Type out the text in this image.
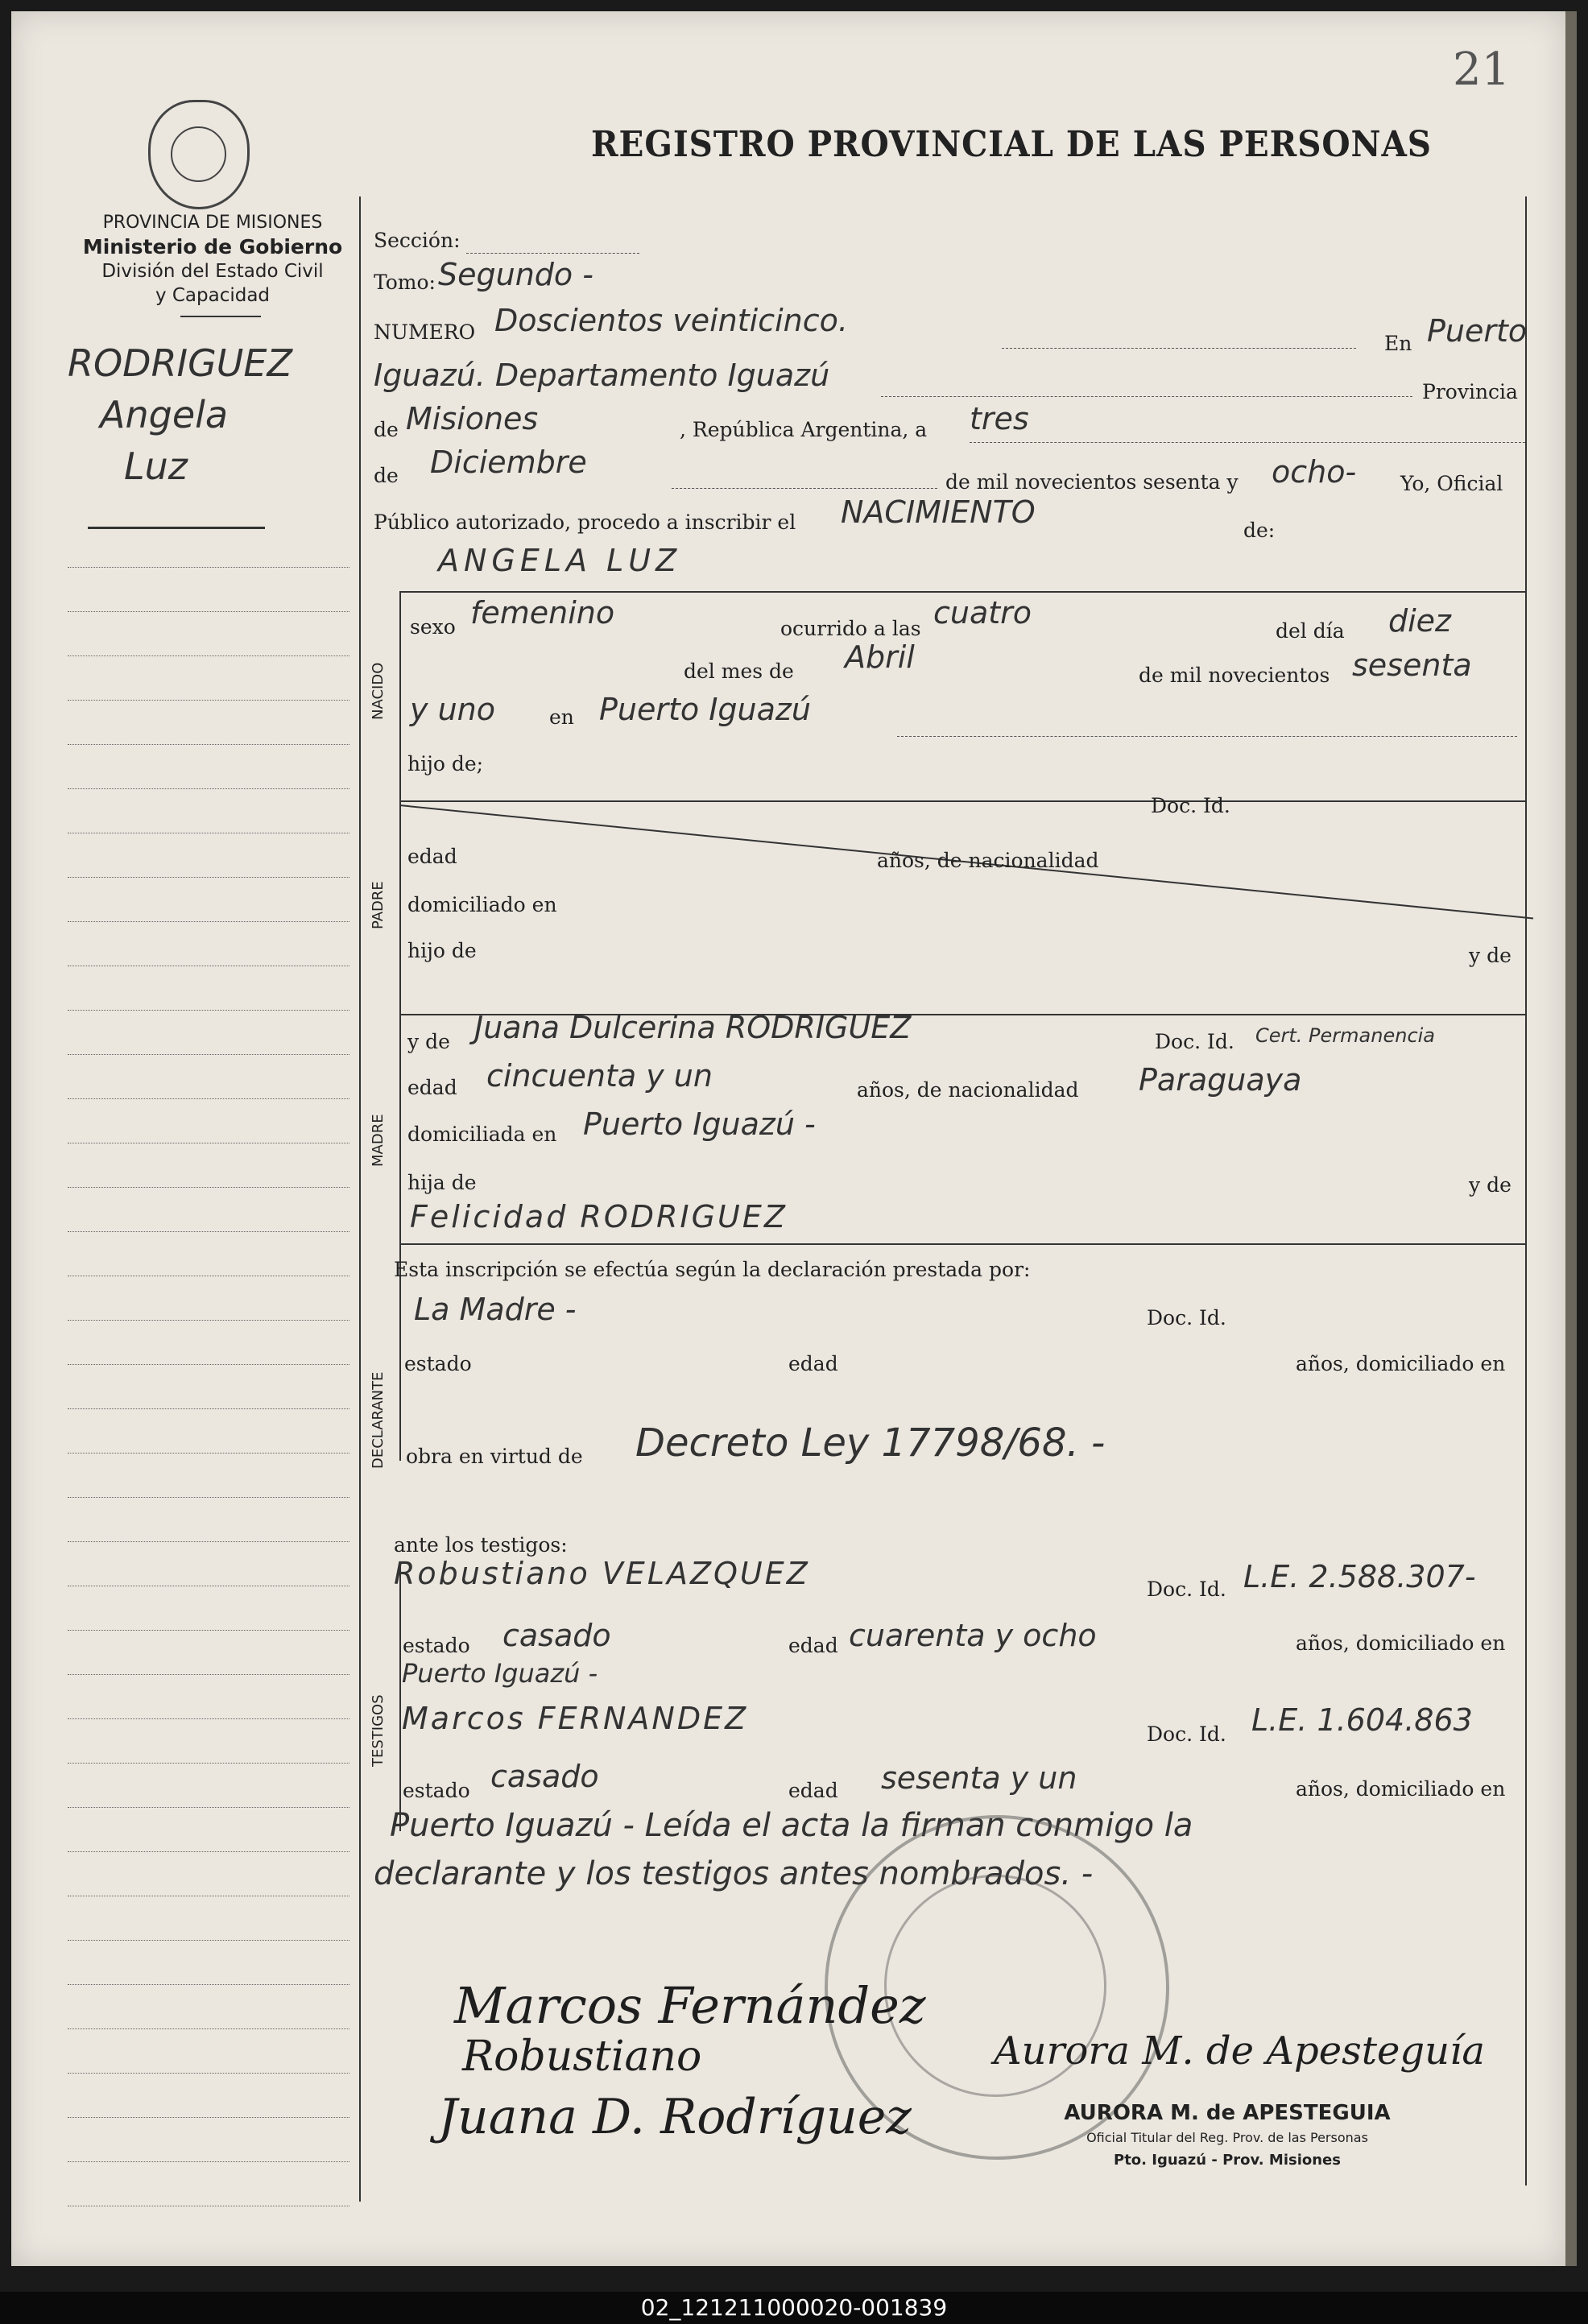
21
PROVINCIA DE MISIONES
Ministerio de Gobierno
División del Estado Civil
y Capacidad
REGISTRO PROVINCIAL DE LAS PERSONAS
RODRIGUEZ
Angela
Luz
Sección:
Tomo: Segundo -
NUMERO Doscientos veinticinco.
En Puerto
Iguazú. Departamento Iguazú	Provincia
de Misiones	, República Argentina, a tres
de Diciembre
de mil novecientos sesenta y ocho- Yo, Oficial
Público autorizado, procedo a inscribir el NACIMIENTO
de:
ANGELA LUZ
NACIDO
sexo femenino	ocurrido a las cuatro
del día diez
del mes de Abril
de mil novecientos sesenta
y uno	en Puerto Iguazú
hijo de;
Doc. Id.
PADRE
edad	años, de nacionalidad
domiciliado en
hijo de	y de
y de Juana Dulcerina RODRIGUEZ	Doc. Id. Cert. Permanencia
MADRE
edad cincuenta y un	años, de nacionalidad Paraguaya
domiciliada en Puerto Iguazú -
hija de	y de
Felicidad RODRIGUEZ
Esta inscripción se efectúa según la declaración prestada por:
La Madre -	Doc. Id.
DECLARANTE
estado	edad	años, domiciliado en
obra en virtud de Decreto Ley 17798/68. -
ante los testigos:
TESTIGOS
Robustiano VELAZQUEZ	Doc. Id. L.E. 2.588.307-
estado casado	edad cuarenta y ocho	años, domiciliado en
Puerto Iguazú -
Marcos FERNANDEZ	Doc. Id. L.E. 1.604.863
estado casado	edad sesenta y un	años, domiciliado en
Puerto Iguazú - Leída el acta la firman conmigo la
declarante y los testigos antes nombrados. -
Marcos Fernández
Robustiano
Juana D. Rodríguez
Aurora M. de Apesteguía
AURORA M. de APESTEGUIA
Oficial Titular del Reg. Prov. de las Personas
Pto. Iguazú - Prov. Misiones
02_121211000020-001839
